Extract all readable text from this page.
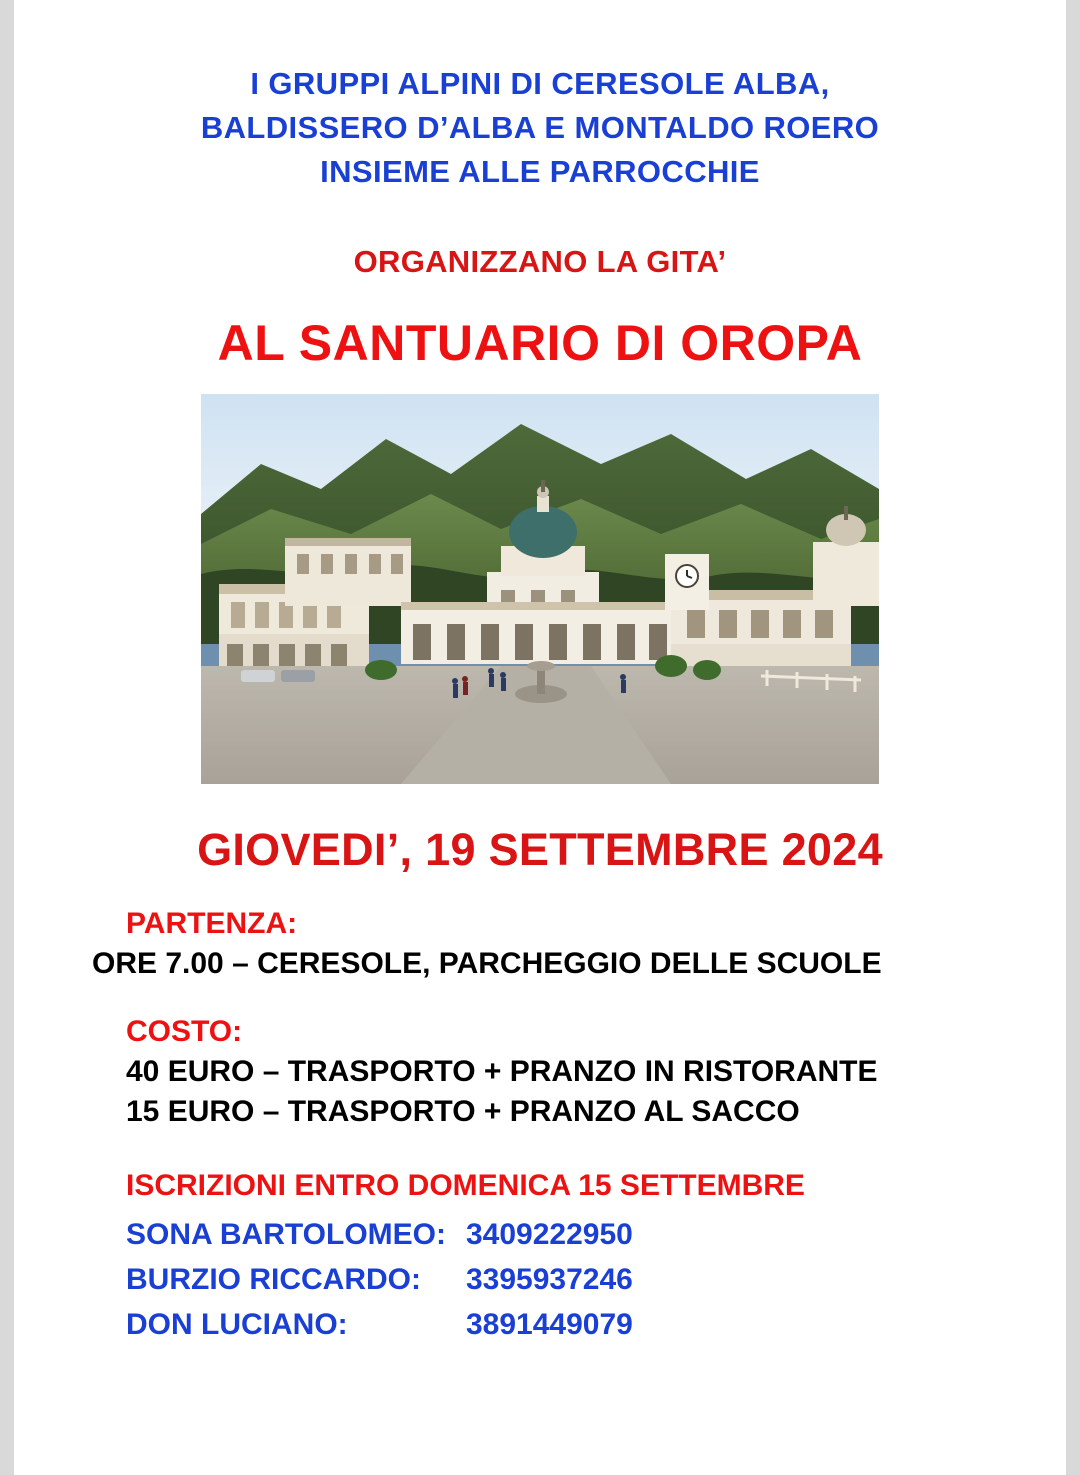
I GRUPPI ALPINI DI CERESOLE ALBA,
BALDISSERO D’ALBA E MONTALDO ROERO
INSIEME ALLE PARROCCHIE
ORGANIZZANO LA GITA’
AL SANTUARIO DI OROPA
GIOVEDI’, 19 SETTEMBRE 2024
PARTENZA:
ORE 7.00 – CERESOLE, PARCHEGGIO DELLE SCUOLE
COSTO:
40 EURO – TRASPORTO + PRANZO IN RISTORANTE
15 EURO – TRASPORTO + PRANZO AL SACCO
ISCRIZIONI ENTRO DOMENICA 15 SETTEMBRE
SONA BARTOLOMEO: 3409222950
BURZIO RICCARDO:	3395937246
DON LUCIANO:	3891449079
